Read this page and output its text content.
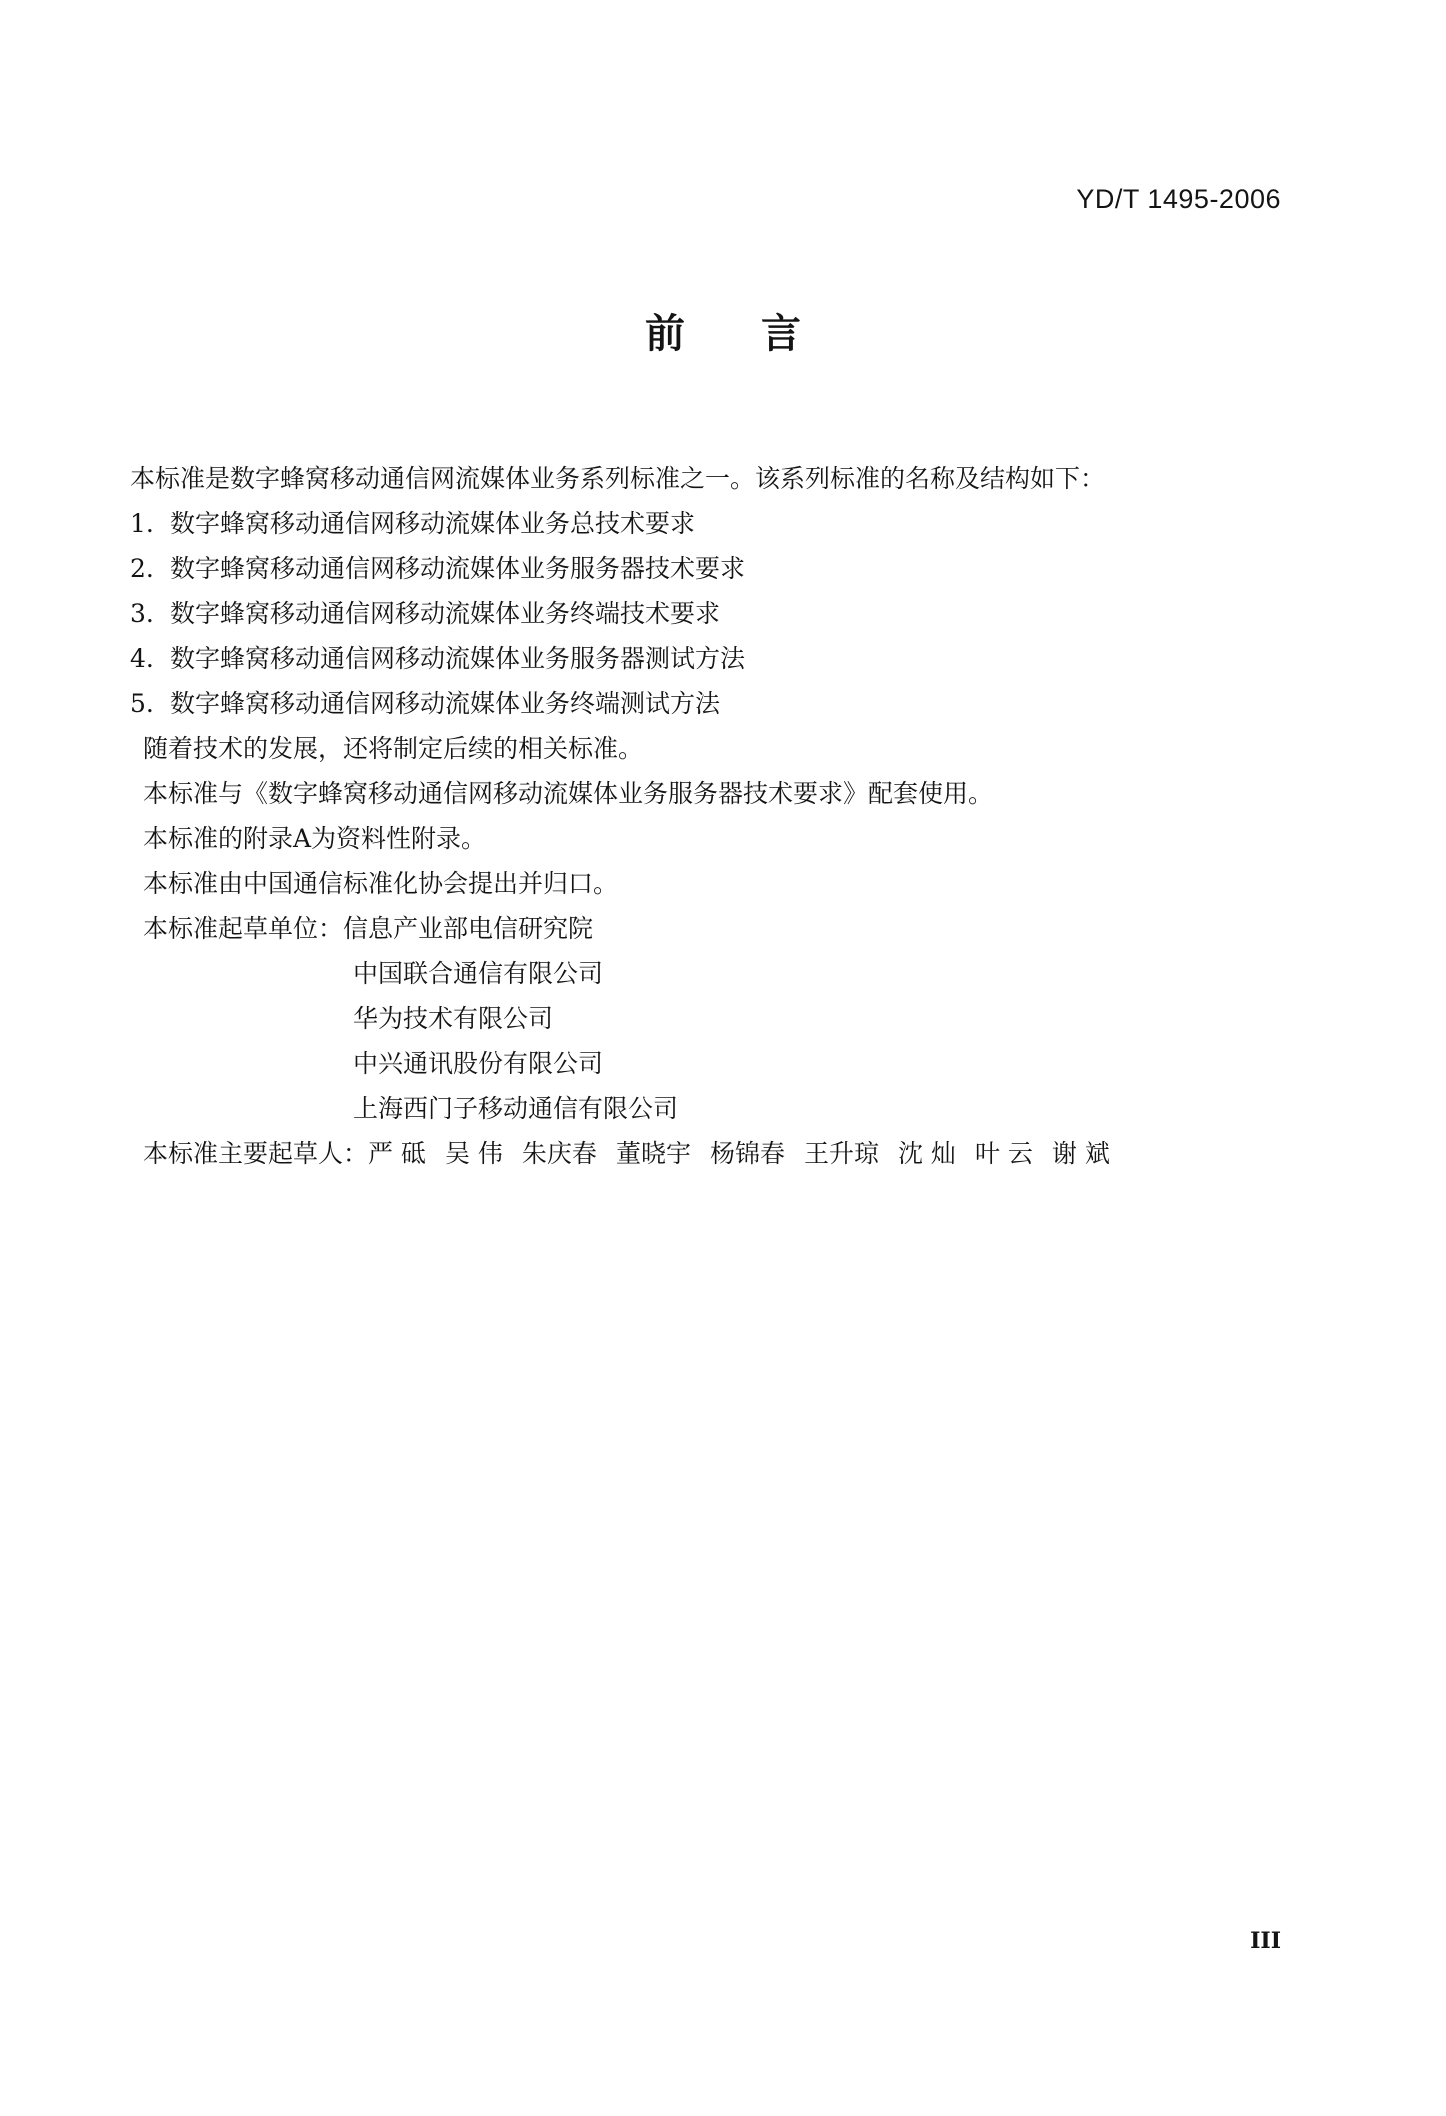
YD/T 1495-2006
前言
本标准是数字蜂窝移动通信网流媒体业务系列标准之一。该系列标准的名称及结构如下：
1. 数字蜂窝移动通信网移动流媒体业务总技术要求
2. 数字蜂窝移动通信网移动流媒体业务服务器技术要求
3. 数字蜂窝移动通信网移动流媒体业务终端技术要求
4. 数字蜂窝移动通信网移动流媒体业务服务器测试方法
5. 数字蜂窝移动通信网移动流媒体业务终端测试方法
随着技术的发展，还将制定后续的相关标准。
本标准与《数字蜂窝移动通信网移动流媒体业务服务器技术要求》配套使用。
本标准的附录A为资料性附录。
本标准由中国通信标准化协会提出并归口。
本标准起草单位： 信息产业部电信研究院
中国联合通信有限公司
华为技术有限公司
中兴通讯股份有限公司
上海西门子移动通信有限公司
本标准主要起草人： 严 砥 吴 伟 朱庆春 董晓宇 杨锦春 王升琼 沈 灿 叶 云 谢 斌
III
